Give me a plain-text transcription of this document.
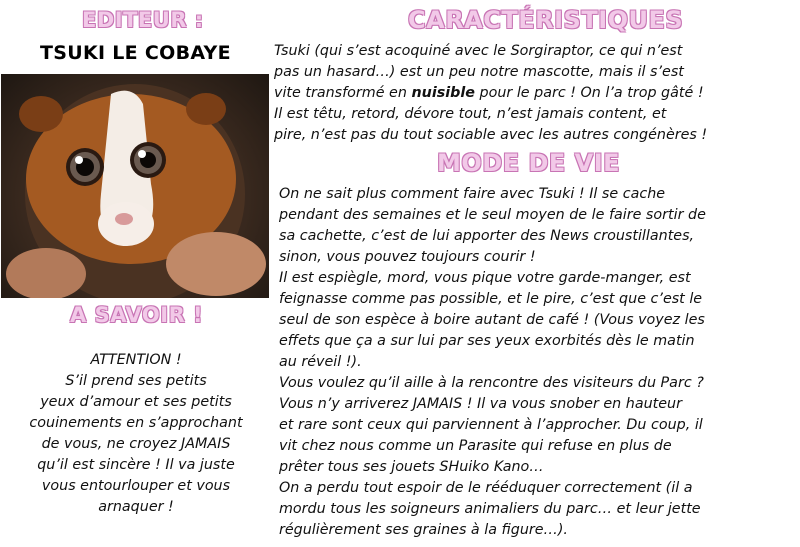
EDITEUR :
TSUKI LE COBAYE
CARACTÉRISTIQUES

Tsuki (qui s’est acoquiné avec le Sorgiraptor, ce qui n’est
pas un hasard…) est un peu notre mascotte, mais il s’est
vite transformé en nuisible pour le parc ! On l’a trop gâté !
Il est têtu, retord, dévore tout, n’est jamais content, et
pire, n’est pas du tout sociable avec les autres congénères !

MODE DE VIE

On ne sait plus comment faire avec Tsuki ! Il se cache
pendant des semaines et le seul moyen de le faire sortir de
sa cachette, c’est de lui apporter des News croustillantes,
sinon, vous pouvez toujours courir !
Il est espiègle, mord, vous pique votre garde-manger, est
feignasse comme pas possible, et le pire, c’est que c’est le
seul de son espèce à boire autant de café ! (Vous voyez les
effets que ça a sur lui par ses yeux exorbités dès le matin
au réveil !).
Vous voulez qu’il aille à la rencontre des visiteurs du Parc ?
Vous n’y arriverez JAMAIS ! Il va vous snober en hauteur
et rare sont ceux qui parviennent à l’approcher. Du coup, il
vit chez nous comme un Parasite qui refuse en plus de
prêter tous ses jouets SHuiko Kano…
On a perdu tout espoir de le rééduquer correctement (il a
mordu tous les soigneurs animaliers du parc… et leur jette
régulièrement ses graines à la figure…).

A SAVOIR !

ATTENTION !
S’il prend ses petits
yeux d’amour et ses petits
couinements en s’approchant
de vous, ne croyez JAMAIS
qu’il est sincère ! Il va juste
vous entourlouper et vous
arnaquer !
